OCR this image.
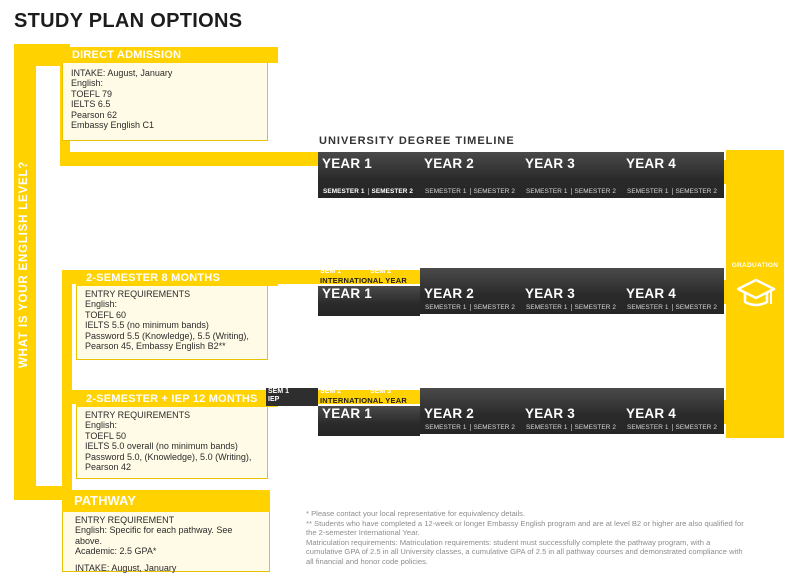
STUDY PLAN OPTIONS
WHAT IS YOUR ENGLISH LEVEL?
DIRECT ADMISSION
INTAKE: August, January
English:
TOEFL 79
IELTS 6.5
Pearson 62
Embassy English C1
2-SEMESTER 8 MONTHS
ENTRY REQUIREMENTS
English:
TOEFL 60
IELTS 5.5 (no minimum bands)
Password 5.5 (Knowledge), 5.5 (Writing),
Pearson 45, Embassy English B2**
2-SEMESTER + IEP 12 MONTHS
ENTRY REQUIREMENTS
English:
TOEFL 50
IELTS 5.0 overall (no minimum bands)
Password 5.0, (Knowledge), 5.0 (Writing),
Pearson 42
PATHWAY
ENTRY REQUIREMENT
English: Specific for each pathway. See above.
Academic: 2.5 GPA*
INTAKE: August, January
UNIVERSITY DEGREE TIMELINE
YEAR 1
SEMESTER 1	SEMESTER 2
YEAR 2
SEMESTER 1	SEMESTER 2
YEAR 3
SEMESTER 1	SEMESTER 2
YEAR 4
SEMESTER 1	SEMESTER 2
SEM 1	SEM 2
INTERNATIONAL YEAR
YEAR 1	YEAR 2
SEMESTER 1	SEMESTER 2
YEAR 3
SEMESTER 1	SEMESTER 2
YEAR 4
SEMESTER 1	SEMESTER 2
SEM 1
IEP
SEM 2	SEM 3
INTERNATIONAL YEAR
YEAR 1	YEAR 2
SEMESTER 1	SEMESTER 2
YEAR 3
SEMESTER 1	SEMESTER 2
YEAR 4
SEMESTER 1	SEMESTER 2
GRADUATION
* Please contact your local representative for equivalency details.
** Students who have completed a 12-week or longer Embassy English program and are at level B2 or higher are also qualified for the 2-semester International Year.
Matriculation requirements: Matriculation requirements: student must successfully complete the pathway program, with a cumulative GPA of 2.5 in all University classes, a cumulative GPA of 2.5 in all pathway courses and demonstrated compliance with all financial and honor code policies.
